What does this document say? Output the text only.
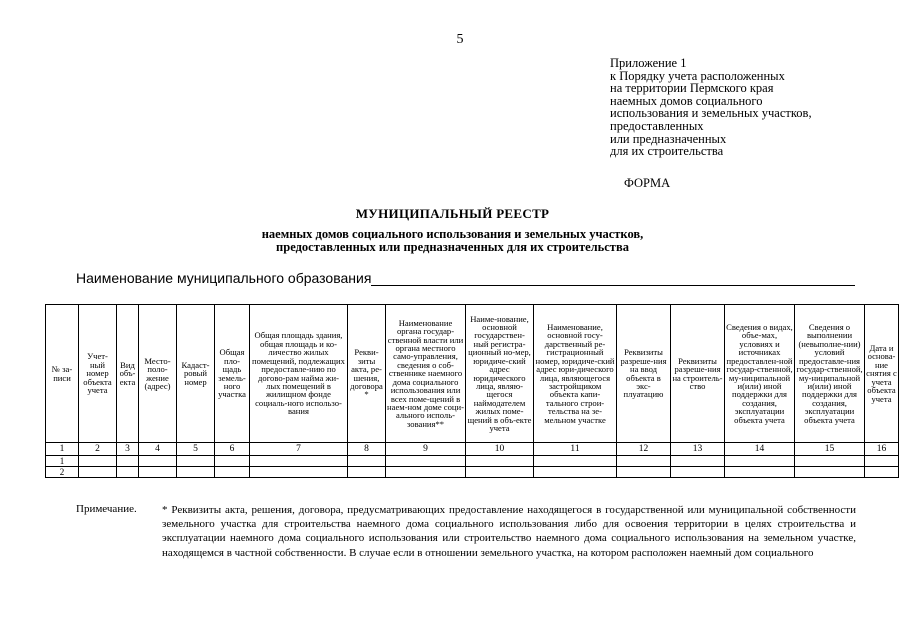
5
Приложение 1
к Порядку учета расположенных
на территории Пермского края
наемных домов социального
использования и земельных участков,
предоставленных
или предназначенных
для их строительства
ФОРМА
МУНИЦИПАЛЬНЫЙ РЕЕСТР
наемных домов социального использования и земельных участков,
предоставленных или предназначенных для их строительства
Наименование муниципального образования
№ за-писи	Учет-ный номер объекта учета	Вид объ-екта	Место-поло-жение (адрес)	Кадаст-ровый номер	Общая пло-щадь земель-ного участка	Общая площадь здания, общая площадь и ко-личество жилых помещений, подлежащих предоставле-нию по догово-рам найма жи-лых помещений в жилищном фонде социаль-ного использо-вания	Рекви-зиты акта, ре-шения, договора *	Наименование органа государ-ственной власти или органа местного само-управления, сведения о соб-ственнике наемного дома социального использования или всех поме-щений в наем-ном доме соци-ального исполь-зования**	Наиме-нование, основной государствен-ный регистра-ционный но-мер, юридиче-ский адрес юридического лица, являю-щегося наймодателем жилых поме-щений в объ-екте учета	Наименование, основной госу-дарственный ре-гистрационный номер, юридиче-ский адрес юри-дического лица, являющегося застройщиком объекта капи-тального строи-тельства на зе-мельном участке	Реквизиты разреше-ния на ввод объекта в экс-плуатацию	Реквизиты разреше-ния на строитель-ство	Сведения о видах, объе-мах, условиях и источниках предоставлен-ной государ-ственной, му-ниципальной и(или) иной поддержки для создания, эксплуатации объекта учета	Сведения о выполнении (невыполне-нии) условий предоставле-ния государ-ственной, му-ниципальной и(или) иной поддержки для создания, эксплуатации объекта учета	Дата и основа-ние снятия с учета объекта учета
1	2	3	4	5	6	7	8	9	10	11	12	13	14	15	16
1															
2															
Примечание. * Реквизиты акта, решения, договора, предусматривающих предоставление находящегося в государственной или муниципальной собственности земельного участка для строительства наемного дома социального использования либо для освоения территории в целях строительства и эксплуатации наемного дома социального использования или строительство наемного дома социального использования на земельном участке, находящемся в частной собственности. В случае если в отношении земельного участка, на котором расположен наемный дом социального
